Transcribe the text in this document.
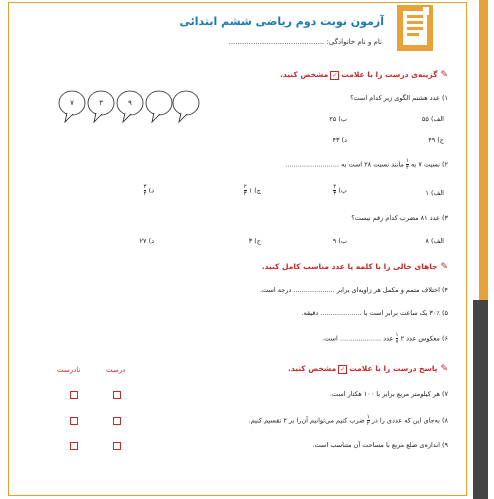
آزمون نوبت دوم ریاضی ششم ابتدائی
نام و نام خانوادگی: ...........................................
✎گزینه‌ی درست را با علامت✓مشخص کنید.
۷	۳	۹
۱) عدد هشتم الگوی زیر کدام است؟
الف) ۵۵
ب) ۲۵
ج) ۴۹
د) ۴۳
۲) نسبت ۷ به
$\frac{۱}{۴}$
مانند نسبت ۲۸ است به ..........................
الف) ۱
ب)
$\frac{۴}{۳}$
ج) ۱
$\frac{۲}{۳}$
د)
$\frac{۳}{۴}$
۳) عدد ۸۱ مضرب کدام رقم نیست؟
الف) ۸
ب) ۹
ج) ۳
د) ۲۷
✎جاهای خالی را با کلمه یا عدد مناسب کامل کنید.
۴) اختلاف متمم و مکمل هر زاویه‌ای برابر .................... درجه است.
۵) ۳۰٪ یک ساعت برابر است با .................... دقیقه.
۶) معکوس عدد ۲
$\frac{۱}{۷}$
عدد .................... است.
✎پاسخ درست را با علامت✓مشخص کنید.
درست
نادرست
۷) هر کیلومتر مربع برابر با ۱۰۰ هکتار است.
۸) به‌جای این که عددی را در
$\frac{۱}{۲}$
ضرب کنیم می‌توانیم آن‌را بر ۲ تقسیم کنیم.
۹) اندازه‌ی ضلع مربع با مساحت آن متناسب است.
